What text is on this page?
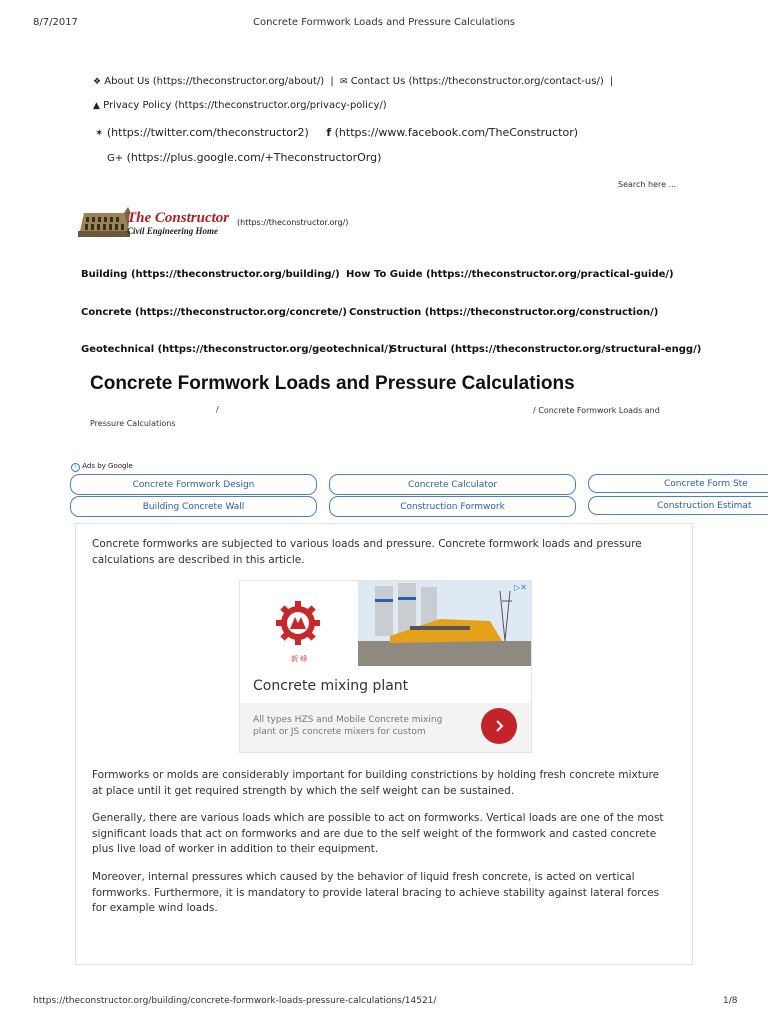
8/7/2017	Concrete Formwork Loads and Pressure Calculations
❖ About Us (https://theconstructor.org/about/) | ✉ Contact Us (https://theconstructor.org/contact-us/) |
▲ Privacy Policy (https://theconstructor.org/privacy-policy/)
✶ (https://twitter.com/theconstructor2) f (https://www.facebook.com/TheConstructor)
G+ (https://plus.google.com/+TheconstructorOrg)
Search here ...
The Constructor
Civil Engineering Home
(https://theconstructor.org/)
Building (https://theconstructor.org/building/) How To Guide (https://theconstructor.org/practical-guide/)
Concrete (https://theconstructor.org/concrete/) Construction (https://theconstructor.org/construction/)
Geotechnical (https://theconstructor.org/geotechnical/)
Structural (https://theconstructor.org/structural-engg/)
Concrete Formwork Loads and Pressure Calculations
/	/ Concrete Formwork Loads and
Pressure Calculations
i Ads by Google
Concrete Formwork Design	Concrete Calculator	Concrete Form Ste
Building Concrete Wall	Construction Formwork	Construction Estimat
Concrete formworks are subjected to various loads and pressure. Concrete formwork loads and pressure calculations are described in this article.
新 峰
▷✕
Concrete mixing plant
All types HZS and Mobile Concrete mixing plant or JS concrete mixers for custom
Formworks or molds are considerably important for building constrictions by holding fresh concrete mixture at place until it get required strength by which the self weight can be sustained.
Generally, there are various loads which are possible to act on formworks. Vertical loads are one of the most significant loads that act on formworks and are due to the self weight of the formwork and casted concrete plus live load of worker in addition to their equipment.
Moreover, internal pressures which caused by the behavior of liquid fresh concrete, is acted on vertical formworks. Furthermore, it is mandatory to provide lateral bracing to achieve stability against lateral forces for example wind loads.
https://theconstructor.org/building/concrete-formwork-loads-pressure-calculations/14521/	1/8
